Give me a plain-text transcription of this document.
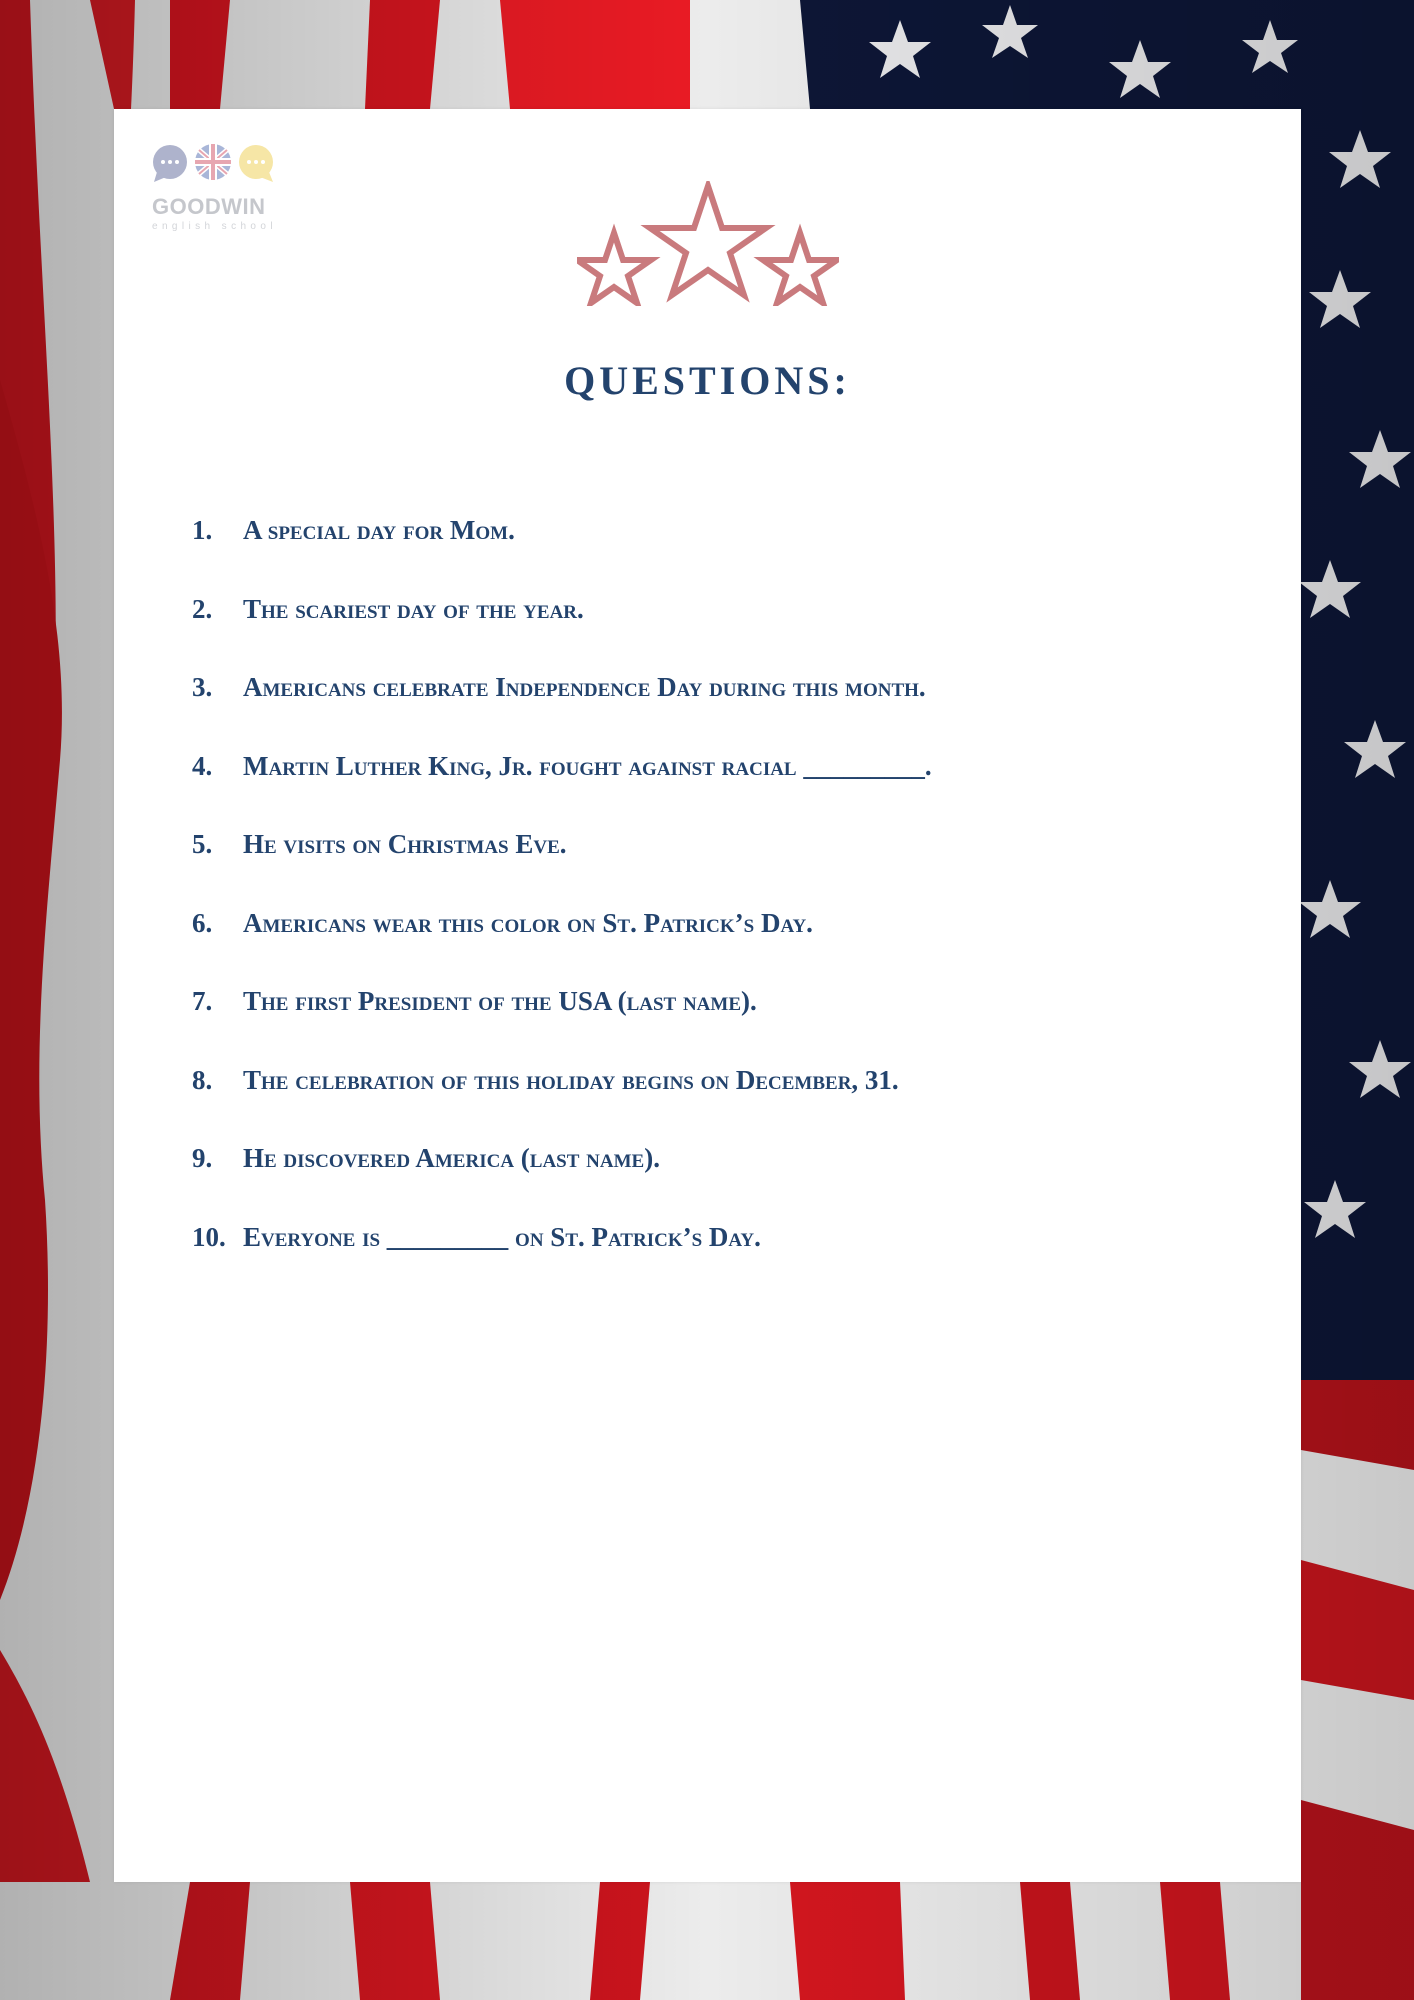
GOODWIN
english school
QUESTIONS:
1. A special day for Mom.
2. The scariest day of the year.
3. Americans celebrate Independence Day during this month.
4. Martin Luther King, Jr. fought against racial _________.
5. He visits on Christmas Eve.
6. Americans wear this color on St. Patrick’s Day.
7. The first President of the USA (last name).
8. The celebration of this holiday begins on December, 31.
9. He discovered America (last name).
10. Everyone is _________ on St. Patrick’s Day.
